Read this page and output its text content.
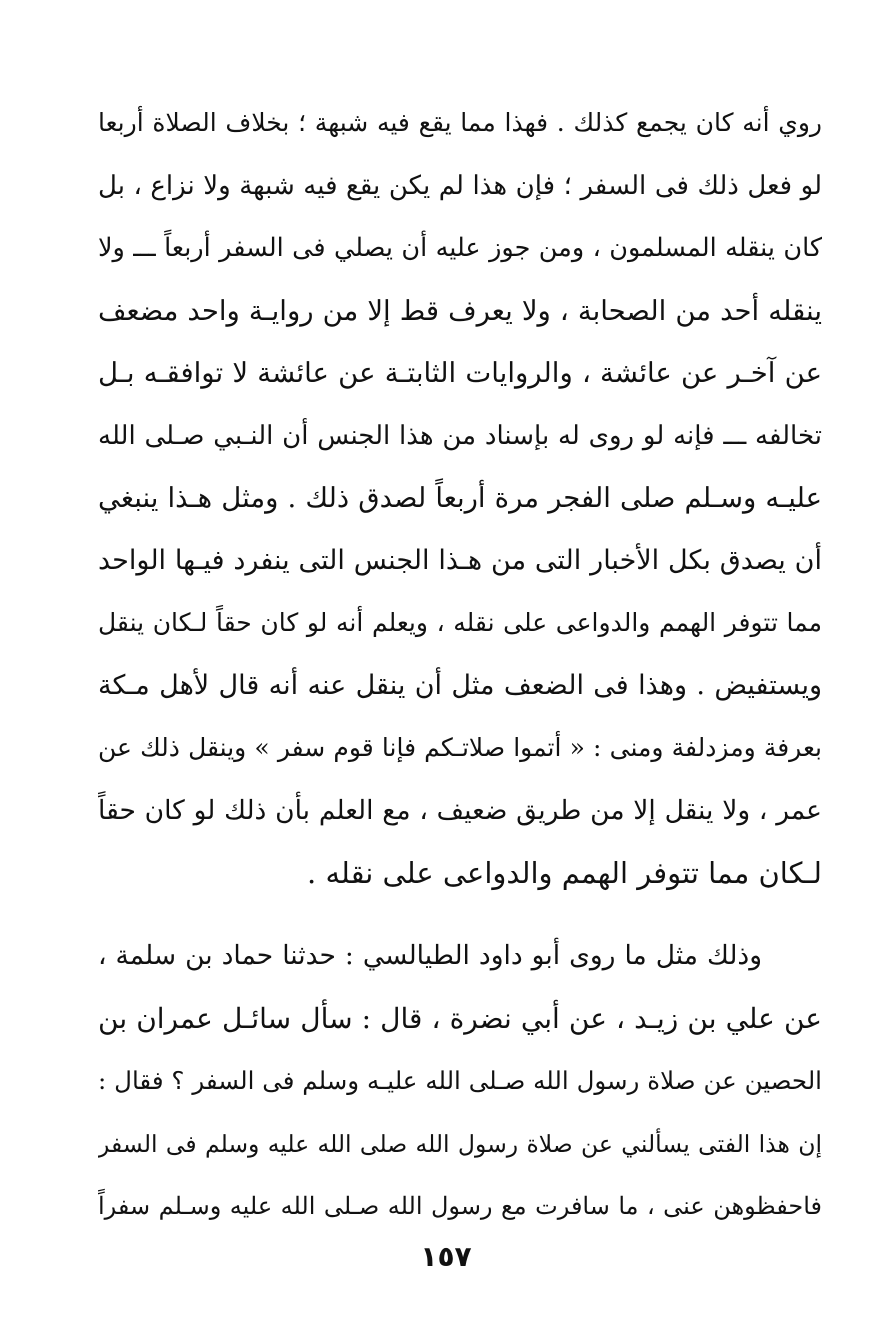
روي أنه كان يجمع كذلك . فهذا مما يقع فيه شبهة ؛ بخلاف الصلاة أربعا
لو فعل ذلك فى السفر ؛ فإن هذا لم يكن يقع فيه شبهة ولا نزاع ، بل
كان ينقله المسلمون ، ومن جوز عليه أن يصلي فى السفر أربعاً ـــ ولا
ينقله أحد من الصحابة ، ولا يعرف قط إلا من روايـة واحد مضعف
عن آخـر عن عائشة ، والروايات الثابتـة عن عائشة لا توافقـه بـل
تخالفه ـــ فإنه لو روى له بإسناد من هذا الجنس أن النـبي صـلى الله
عليـه وسـلم صلى الفجر مرة أربعاً لصدق ذلك . ومثل هـذا ينبغي
أن يصدق بكل الأخبار التى من هـذا الجنس التى ينفرد فيـها الواحد
مما تتوفر الهمم والدواعى على نقله ، ويعلم أنه لو كان حقاً لـكان ينقل
ويستفيض . وهذا فى الضعف مثل أن ينقل عنه أنه قال لأهل مـكة
بعرفة ومزدلفة ومنى : « أتموا صلاتـكم فإنا قوم سفر » وينقل ذلك عن
عمر ، ولا ينقل إلا من طريق ضعيف ، مع العلم بأن ذلك لو كان حقاً
لـكان مما تتوفر الهمم والدواعى على نقله .
وذلك مثل ما روى أبو داود الطيالسي : حدثنا حماد بن سلمة ،
عن علي بن زيـد ، عن أبي نضرة ، قال : سأل سائـل عمران بن
الحصين عن صلاة رسول الله صـلى الله عليـه وسلم فى السفر ؟ فقال :
إن هذا الفتى يسألني عن صلاة رسول الله صلى الله عليه وسلم فى السفر
فاحفظوهن عنى ، ما سافرت مع رسول الله صـلى الله عليه وسـلم سفراً
١٥٧
